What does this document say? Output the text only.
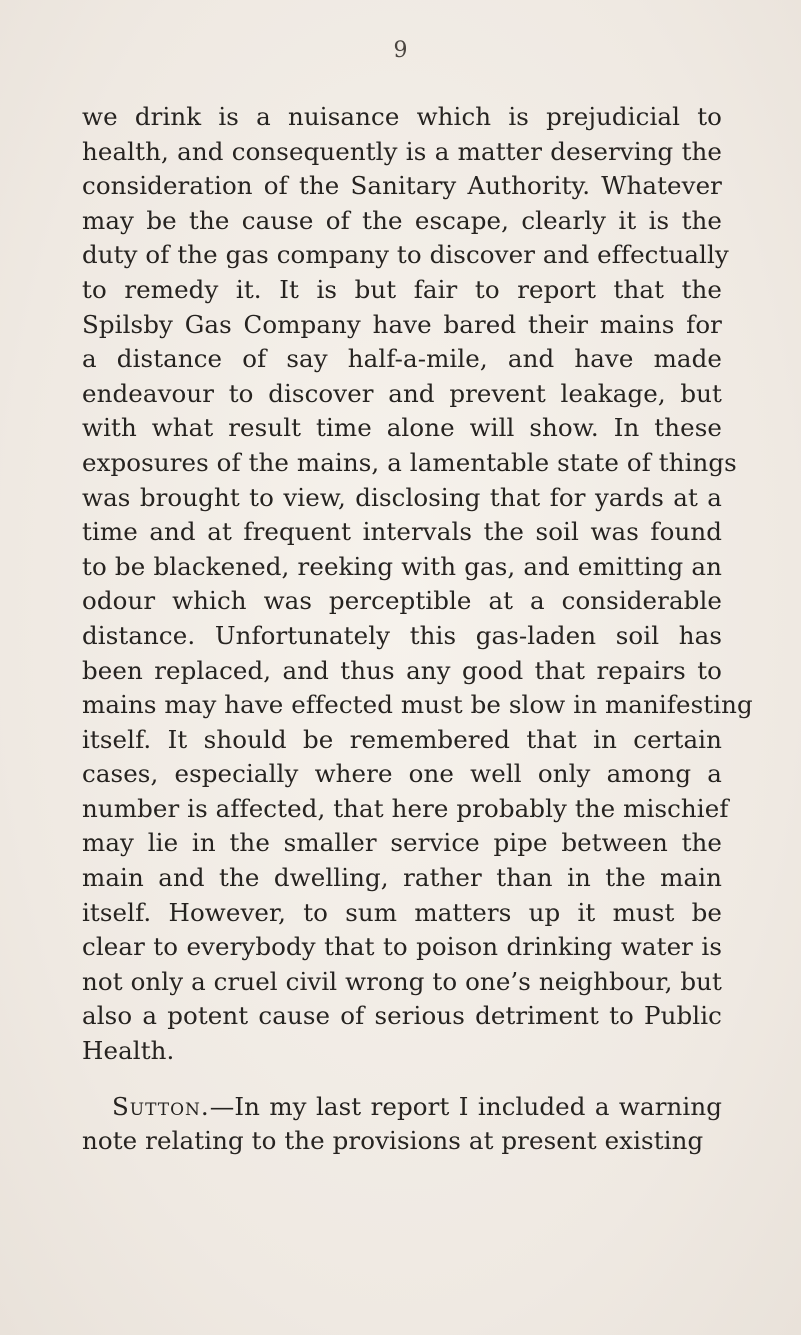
9
we drink is a nuisance which is prejudicial to
health, and consequently is a matter deserving the
consideration of the Sanitary Authority. Whatever
may be the cause of the escape, clearly it is the
duty of the gas company to discover and effectually
to remedy it. It is but fair to report that the
Spilsby Gas Company have bared their mains for
a distance of say half-a-mile, and have made
endeavour to discover and prevent leakage, but
with what result time alone will show. In these
exposures of the mains, a lamentable state of things
was brought to view, disclosing that for yards at a
time and at frequent intervals the soil was found
to be blackened, reeking with gas, and emitting an
odour which was perceptible at a considerable
distance. Unfortunately this gas-laden soil has
been replaced, and thus any good that repairs to
mains may have effected must be slow in manifesting
itself. It should be remembered that in certain
cases, especially where one well only among a
number is affected, that here probably the mischief
may lie in the smaller service pipe between the
main and the dwelling, rather than in the main
itself. However, to sum matters up it must be
clear to everybody that to poison drinking water is
not only a cruel civil wrong to one’s neighbour, but
also a potent cause of serious detriment to Public
Health.
Sutton.—In my last report I included a warning
note relating to the provisions at present existing
